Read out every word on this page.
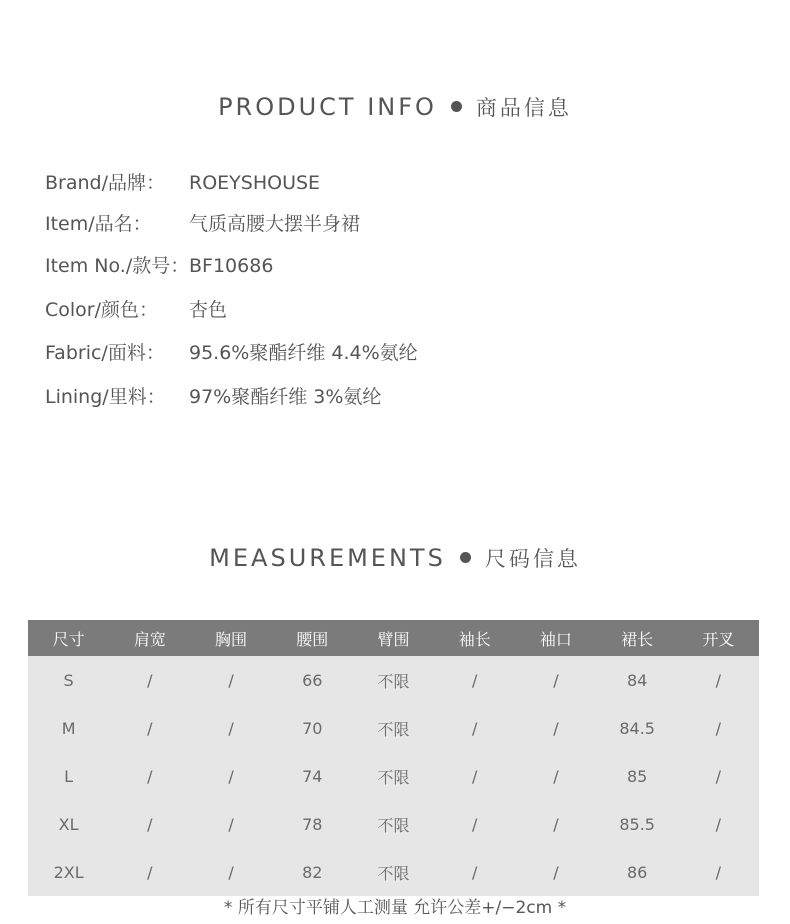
PRODUCT INFO 商品信息
Brand/品牌： ROEYSHOUSE
Item/品名： 气质高腰大摆半身裙
Item No./款号：BF10686
Color/颜色： 杏色
Fabric/面料： 95.6%聚酯纤维 4.4%氨纶
Lining/里料： 97%聚酯纤维 3%氨纶
MEASUREMENTS 尺码信息
尺寸	肩宽	胸围	腰围	臂围	袖长	袖口	裙长	开叉
S	/	/	66	不限	/	/	84	/
M	/	/	70	不限	/	/	84.5	/
L	/	/	74	不限	/	/	85	/
XL	/	/	78	不限	/	/	85.5	/
2XL	/	/	82	不限	/	/	86	/
* 所有尺寸平铺人工测量 允许公差+/−2cm *
